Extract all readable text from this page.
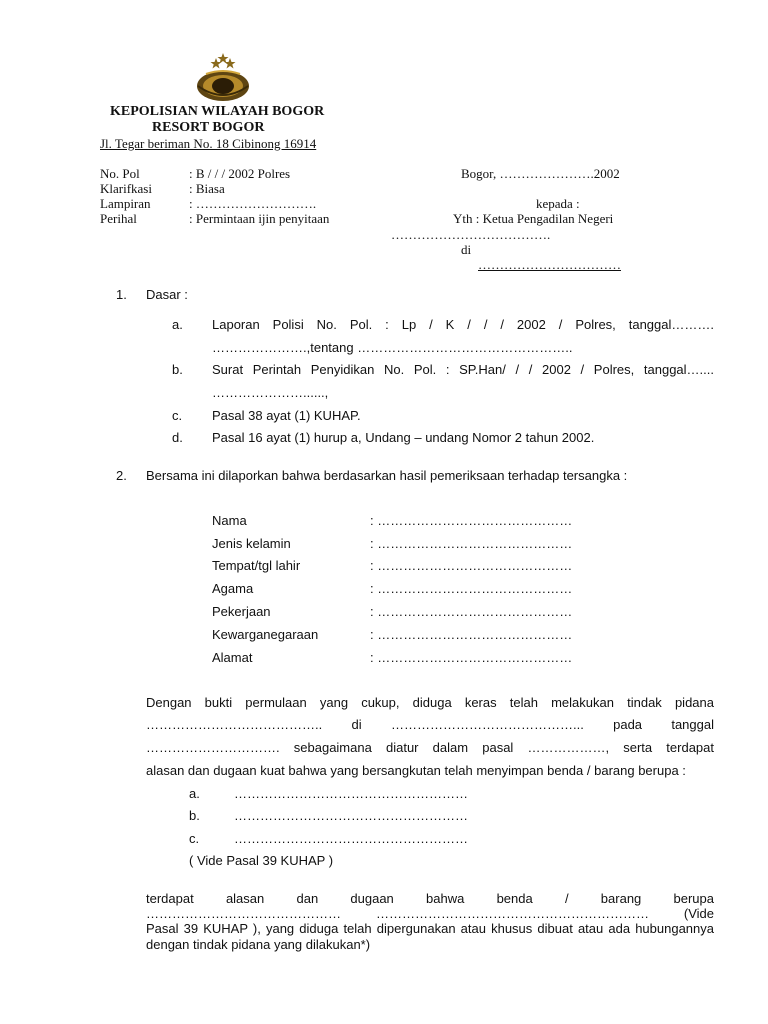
KEPOLISIAN WILAYAH BOGOR
RESORT BOGOR
Jl. Tegar beriman No. 18 Cibinong 16914
No. Pol	: B / / / 2002 Polres
Klarifkasi	: Biasa
Lampiran	: ……………………….
Perihal	: Permintaan ijin penyitaan
Bogor, ………………….2002
kepada :
Yth : Ketua Pengadilan Negeri
……………………………….
di
……………………………
1. Dasar :
a. Laporan Polisi No. Pol. : Lp / K / / / 2002 / Polres, tanggal……….
………………….,tentang …………………………………………..
b. Surat Perintah Penyidikan No. Pol. : SP.Han/ / / 2002 / Polres, tanggal…....
…………………......,
c. Pasal 38 ayat (1) KUHAP.
d. Pasal 16 ayat (1) hurup a, Undang – undang Nomor 2 tahun 2002.
2. Bersama ini dilaporkan bahwa berdasarkan hasil pemeriksaan terhadap tersangka :
Nama	: ………………………………………
Jenis kelamin	: ………………………………………
Tempat/tgl lahir	: ………………………………………
Agama	: ………………………………………
Pekerjaan	: ………………………………………
Kewarganegaraan	: ………………………………………
Alamat	: ………………………………………
Dengan bukti permulaan yang cukup, diduga keras telah melakukan tindak pidana
………………………………….. di ……………………………………... pada tanggal
…………………………. sebagaimana diatur dalam pasal ………………, serta terdapat
alasan dan dugaan kuat bahwa yang bersangkutan telah menyimpan benda / barang berupa :
a.	………………………………………………
b.	………………………………………………
c.	………………………………………………
( Vide Pasal 39 KUHAP )
terdapat alasan dan dugaan bahwa benda / barang berupa
……………………………………… ……………………………………………………… (Vide
Pasal 39 KUHAP ), yang diduga telah dipergunakan atau khusus dibuat atau ada hubungannya
dengan tindak pidana yang dilakukan*)
